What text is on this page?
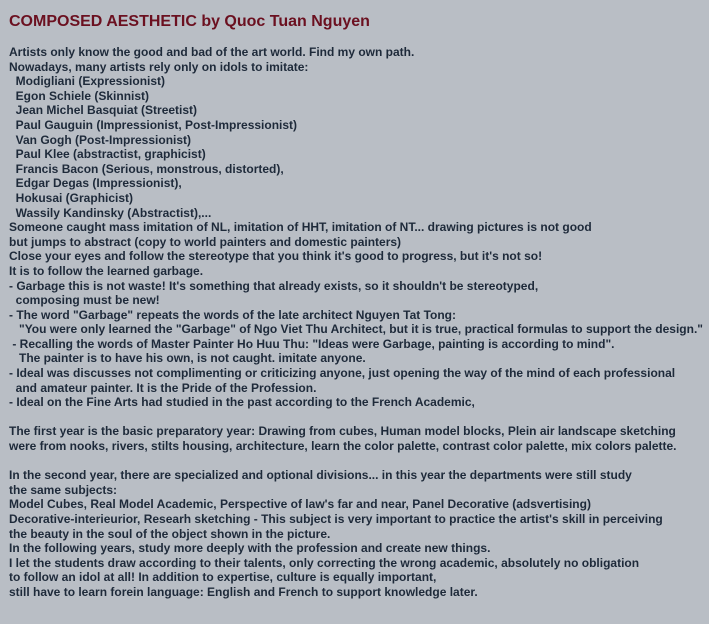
COMPOSED AESTHETIC by Quoc Tuan Nguyen
Artists only know the good and bad of the art world. Find my own path.
Nowadays, many artists rely only on idols to imitate:
Modigliani (Expressionist)
Egon Schiele (Skinnist)
Jean Michel Basquiat (Streetist)
Paul Gauguin (Impressionist, Post-Impressionist)
Van Gogh (Post-Impressionist)
Paul Klee (abstractist, graphicist)
Francis Bacon (Serious, monstrous, distorted),
Edgar Degas (Impressionist),
Hokusai (Graphicist)
Wassily Kandinsky (Abstractist),...
Someone caught mass imitation of NL, imitation of HHT, imitation of NT... drawing pictures is not good
but jumps to abstract (copy to world painters and domestic painters)
Close your eyes and follow the stereotype that you think it's good to progress, but it's not so!
It is to follow the learned garbage.
- Garbage this is not waste! It's something that already exists, so it shouldn't be stereotyped,
composing must be new!
- The word "Garbage" repeats the words of the late architect Nguyen Tat Tong:
"You were only learned the "Garbage" of Ngo Viet Thu Architect, but it is true, practical formulas to support the design."
- Recalling the words of Master Painter Ho Huu Thu: "Ideas were Garbage, painting is according to mind".
The painter is to have his own, is not caught. imitate anyone.
- Ideal was discusses not complimenting or criticizing anyone, just opening the way of the mind of each professional
and amateur painter. It is the Pride of the Profession.
- Ideal on the Fine Arts had studied in the past according to the French Academic,
The first year is the basic preparatory year: Drawing from cubes, Human model blocks, Plein air landscape sketching
were from nooks, rivers, stilts housing, architecture, learn the color palette, contrast color palette, mix colors palette.
In the second year, there are specialized and optional divisions... in this year the departments were still study
the same subjects:
Model Cubes, Real Model Academic, Perspective of law's far and near, Panel Decorative (adsvertising)
Decorative-interieurior, Researh sketching - This subject is very important to practice the artist's skill in perceiving
the beauty in the soul of the object shown in the picture.
In the following years, study more deeply with the profession and create new things.
I let the students draw according to their talents, only correcting the wrong academic, absolutely no obligation
to follow an idol at all! In addition to expertise, culture is equally important,
still have to learn forein language: English and French to support knowledge later.
